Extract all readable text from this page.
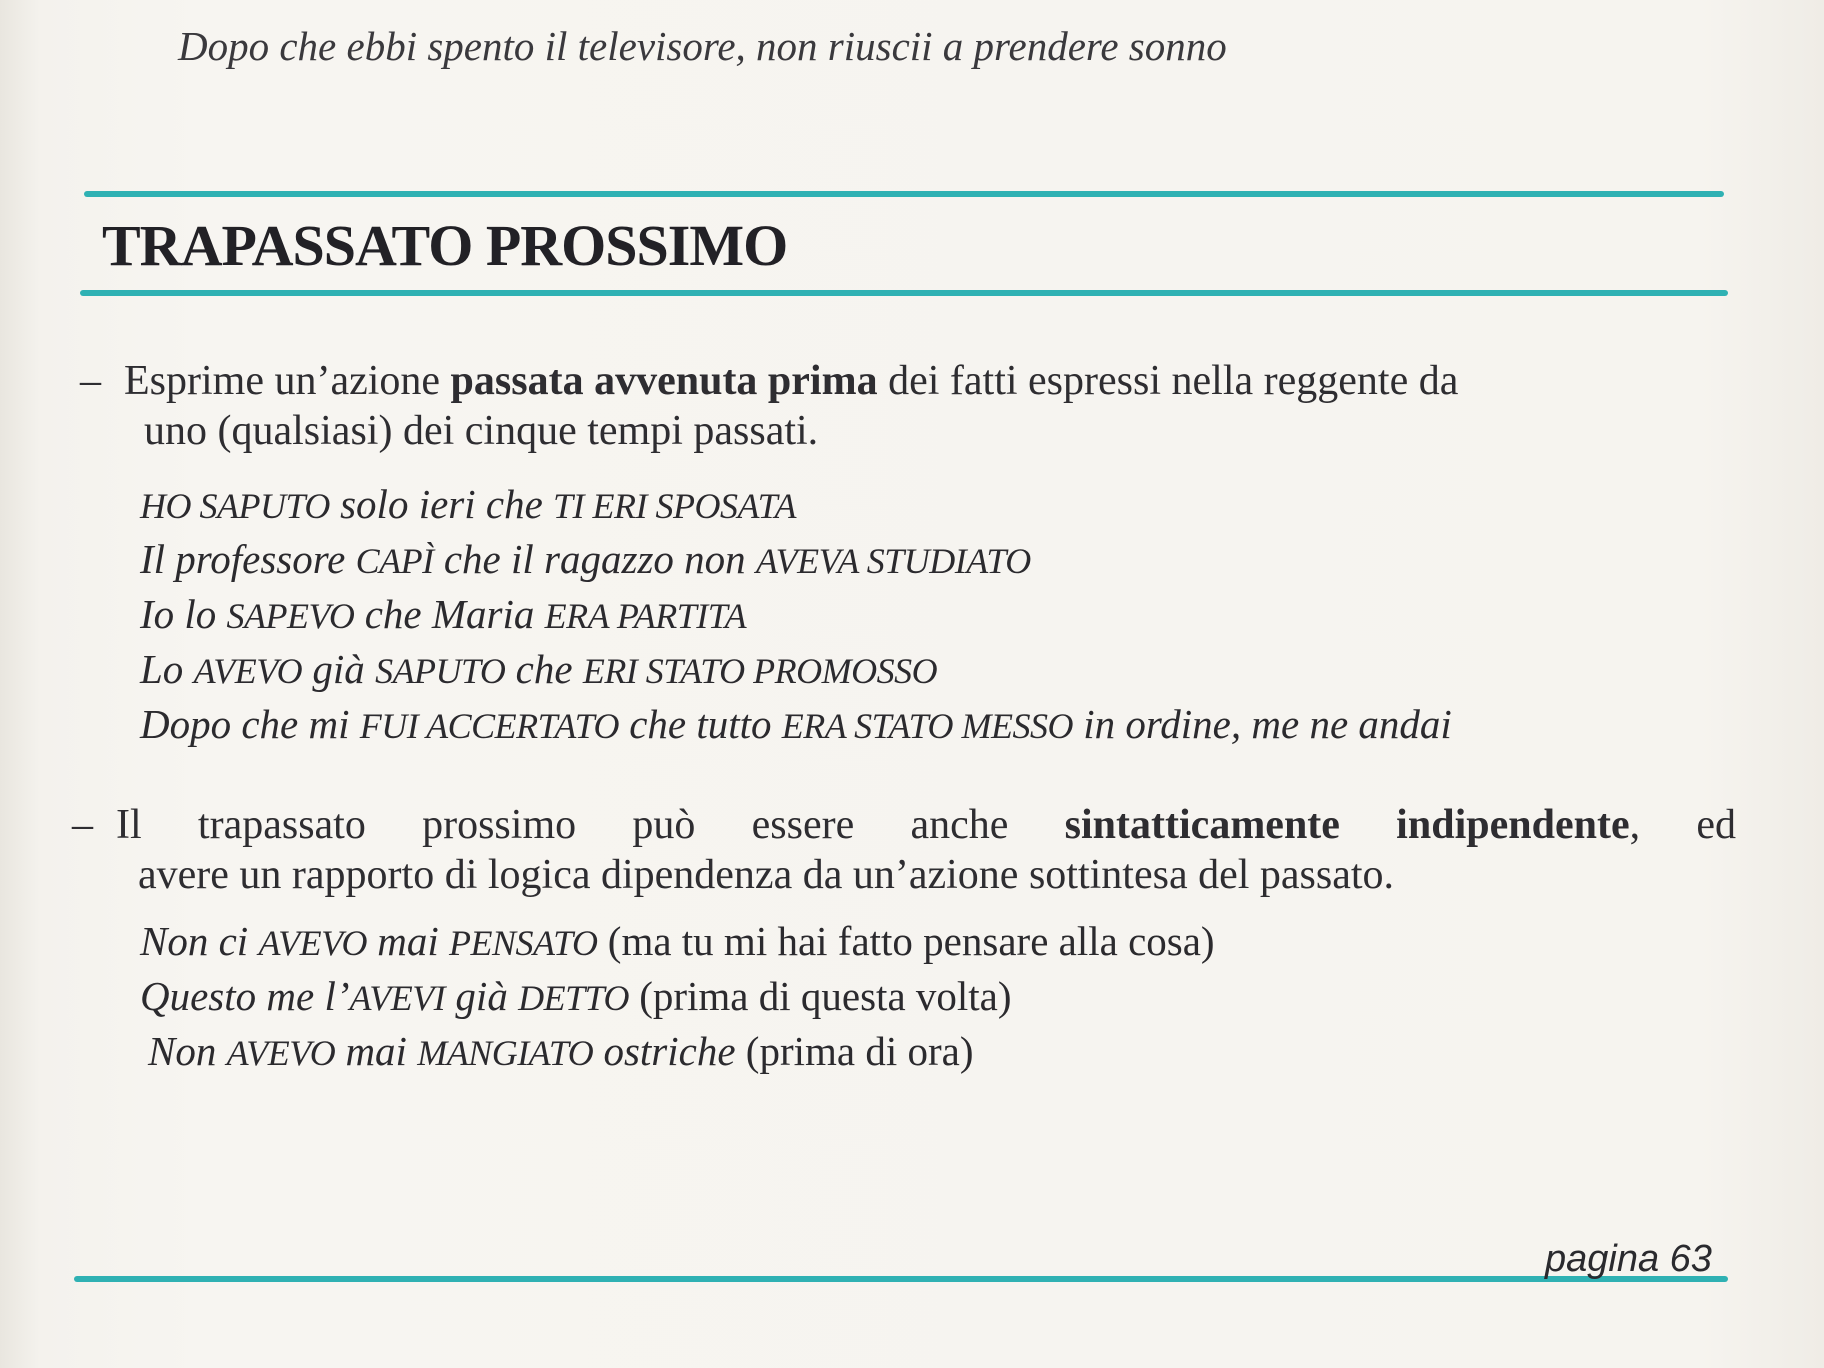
Dopo che ebbi spento il televisore, non riuscii a prendere sonno
TRAPASSATO PROSSIMO
– Esprime un’azione passata avvenuta prima dei fatti espressi nella reggente da
uno (qualsiasi) dei cinque tempi passati.
HO SAPUTO solo ieri che TI ERI SPOSATA
Il professore CAPÌ che il ragazzo non AVEVA STUDIATO
Io lo SAPEVO che Maria ERA PARTITA
Lo AVEVO già SAPUTO che ERI STATO PROMOSSO
Dopo che mi FUI ACCERTATO che tutto ERA STATO MESSO in ordine, me ne andai
– Il trapassato prossimo può essere anche sintatticamente indipendente, ed
avere un rapporto di logica dipendenza da un’azione sottintesa del passato.
Non ci AVEVO mai PENSATO (ma tu mi hai fatto pensare alla cosa)
Questo me l’AVEVI già DETTO (prima di questa volta)
Non AVEVO mai MANGIATO ostriche (prima di ora)
pagina 63
